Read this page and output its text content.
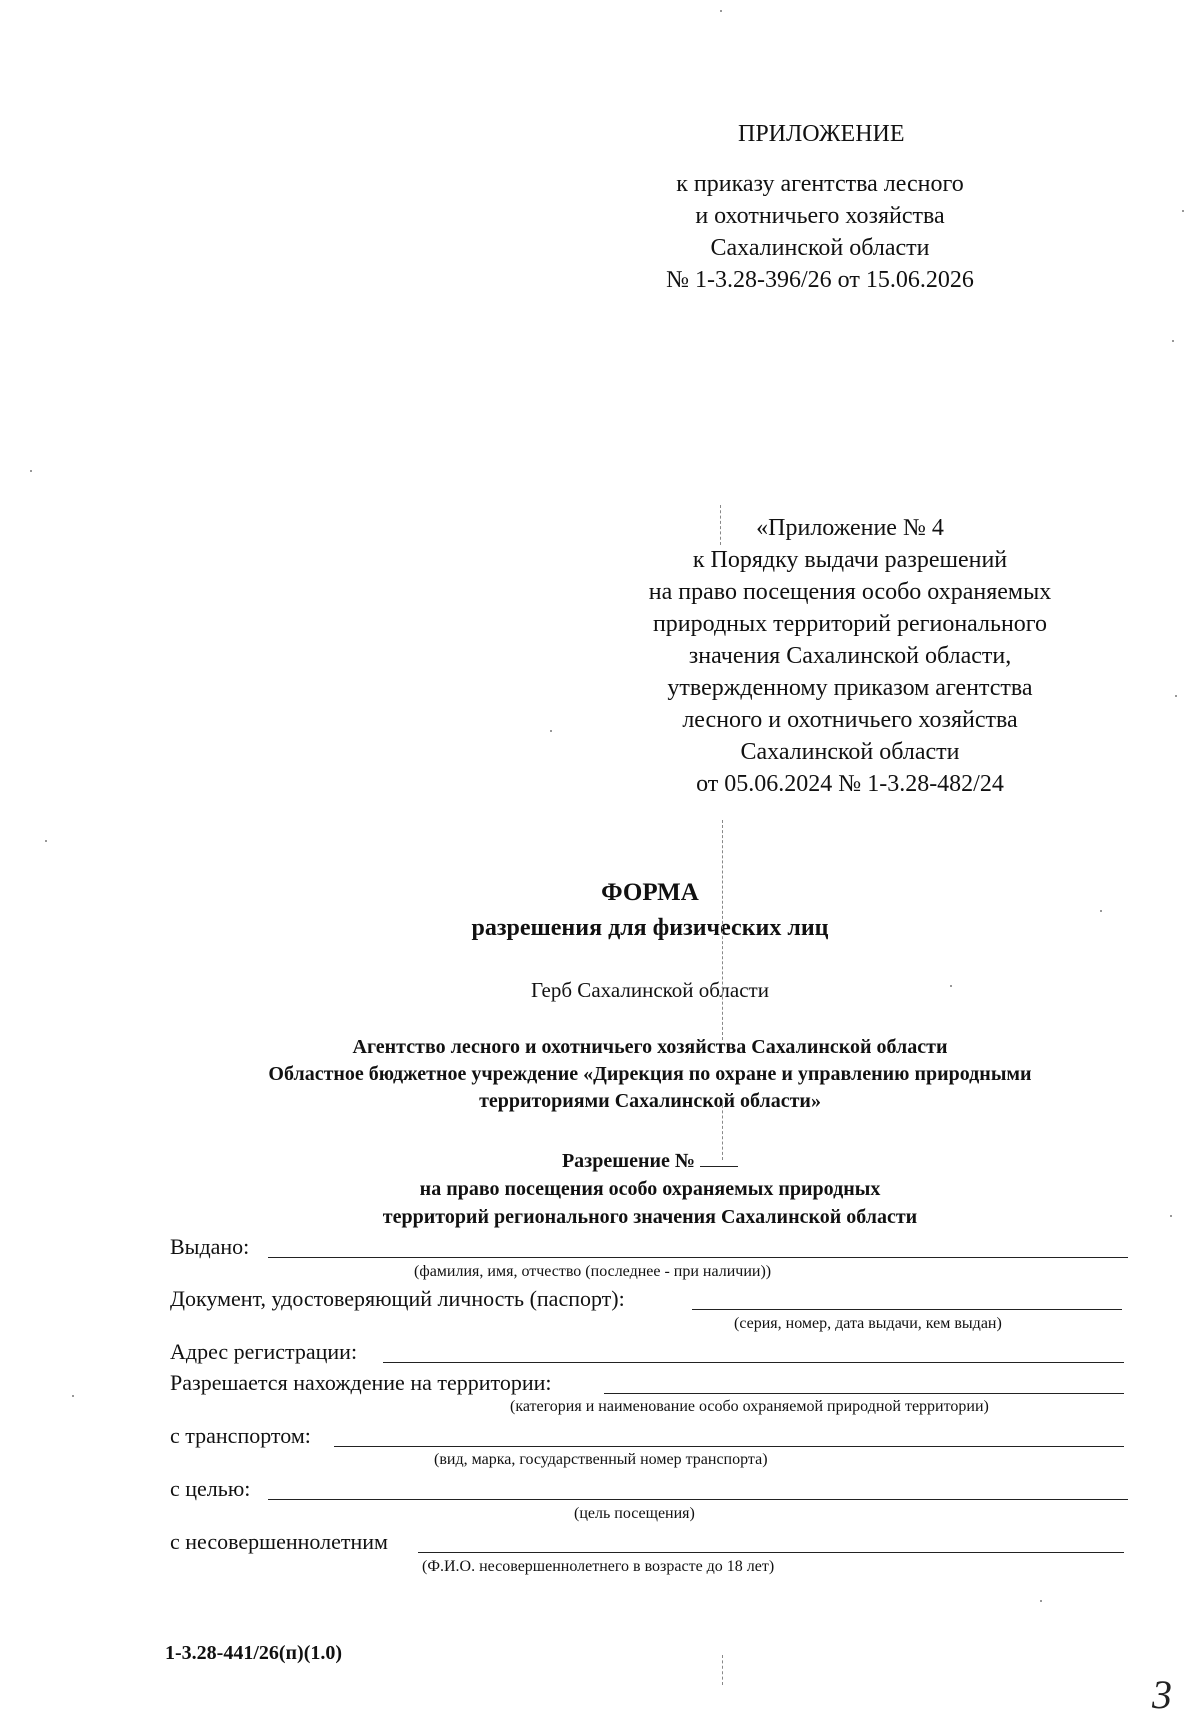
ПРИЛОЖЕНИЕ
к приказу агентства лесного
и охотничьего хозяйства
Сахалинской области
№ 1-3.28-396/26 от 15.06.2026
«Приложение № 4
к Порядку выдачи разрешений
на право посещения особо охраняемых
природных территорий регионального
значения Сахалинской области,
утвержденному приказом агентства
лесного и охотничьего хозяйства
Сахалинской области
от 05.06.2024 № 1-3.28-482/24
ФОРМА
разрешения для физических лиц
Герб Сахалинской области
Агентство лесного и охотничьего хозяйства Сахалинской области
Областное бюджетное учреждение «Дирекция по охране и управлению природными
территориями Сахалинской области»
Разрешение №
на право посещения особо охраняемых природных
территорий регионального значения Сахалинской области
Выдано:
(фамилия, имя, отчество (последнее - при наличии))
Документ, удостоверяющий личность (паспорт):
(серия, номер, дата выдачи, кем выдан)
Адрес регистрации:
Разрешается нахождение на территории:
(категория и наименование особо охраняемой природной территории)
с транспортом:
(вид, марка, государственный номер транспорта)
с целью:
(цель посещения)
с несовершеннолетним
(Ф.И.О. несовершеннолетнего в возрасте до 18 лет)
1-3.28-441/26(п)(1.0)
3
